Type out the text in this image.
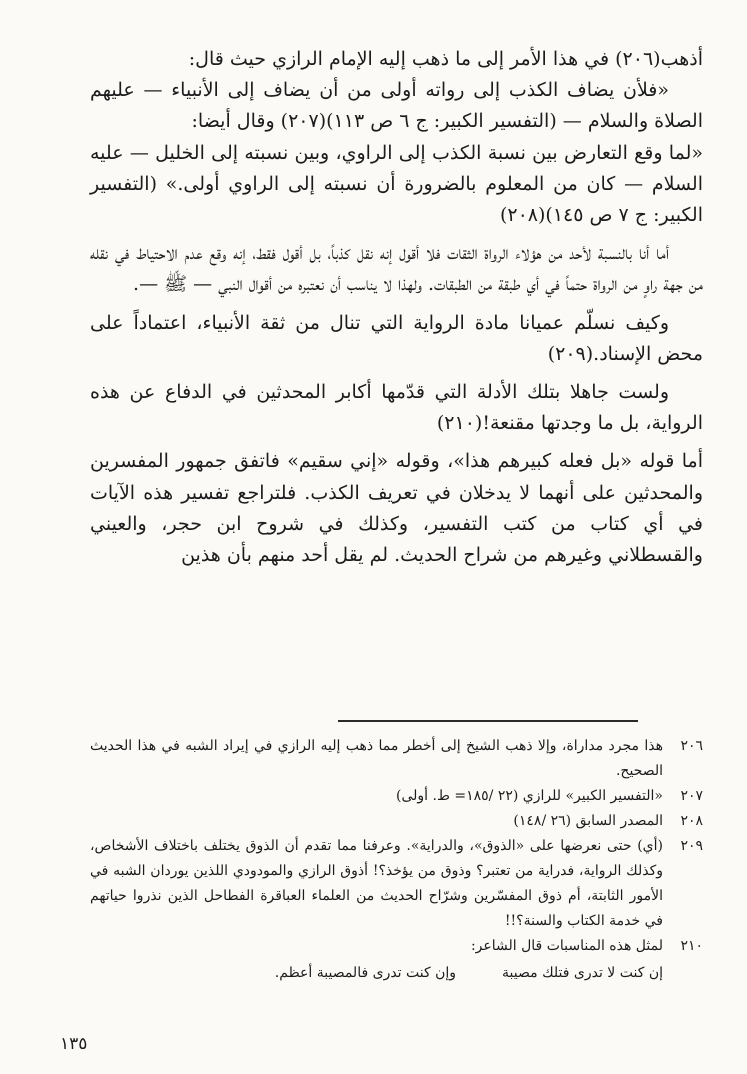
أذهب(٢٠٦) في هذا الأمر إلى ما ذهب إليه الإمام الرازي حيث قال:

«فلأن يضاف الكذب إلى رواته أولى من أن يضاف إلى الأنبياء — عليهم الصلاة والسلام — (التفسير الكبير: ج ٦ ص ١١٣)(٢٠٧) وقال أيضا:

«لما وقع التعارض بين نسبة الكذب إلى الراوي، وبين نسبته إلى الخليل — عليه السلام — كان من المعلوم بالضرورة أن نسبته إلى الراوي أولى.» (التفسير الكبير: ج ٧ ص ١٤٥)(٢٠٨)

أما أنا بالنسبة لأحد من هؤلاء الرواة الثقات فلا أقول إنه نقل كذباً، بل أقول فقط، إنه وقع عدم الاحتياط في نقله من جهة راوٍ من الرواة حتماً في أي طبقة من الطبقات. ولهذا لا يناسب أن نعتبره من أقوال النبي — ﷺ —.

وكيف نسلّم عميانا مادة الرواية التي تنال من ثقة الأنبياء، اعتماداً على محض الإسناد.(٢٠٩)

ولست جاهلا بتلك الأدلة التي قدّمها أكابر المحدثين في الدفاع عن هذه الرواية، بل ما وجدتها مقنعة!(٢١٠)

أما قوله «بل فعله كبيرهم هذا»، وقوله «إني سقيم» فاتفق جمهور المفسرين والمحدثين على أنهما لا يدخلان في تعريف الكذب. فلتراجع تفسير هذه الآيات في أي كتاب من كتب التفسير، وكذلك في شروح ابن حجر، والعيني والقسطلاني وغيرهم من شراح الحديث. لم يقل أحد منهم بأن هذين

٢٠٦
هذا مجرد مداراة، وإلا ذهب الشيخ إلى أخطر مما ذهب إليه الرازي في إيراد الشبه في هذا الحديث الصحيح.
٢٠٧
«التفسير الكبير» للرازي (٢٢ /١٨٥= ط. أولى)
٢٠٨
المصدر السابق (٢٦ /١٤٨)
٢٠٩
(أي) حتى نعرضها على «الذوق»، والدراية». وعرفنا مما تقدم أن الذوق يختلف باختلاف الأشخاص، وكذلك الرواية، فدراية من تعتبر؟ وذوق من يؤخذ؟! أذوق الرازي والمودودي اللذين يوردان الشبه في الأمور الثابتة، أم ذوق المفسّرين وشرّاح الحديث من العلماء العباقرة الفطاحل الذين نذروا حياتهم في خدمة الكتاب والسنة؟!!
٢١٠
لمثل هذه المناسبات قال الشاعر:
إن كنت لا تدرى فتلك مصيبة
وإن كنت تدرى فالمصيبة أعظم.
١٣٥
